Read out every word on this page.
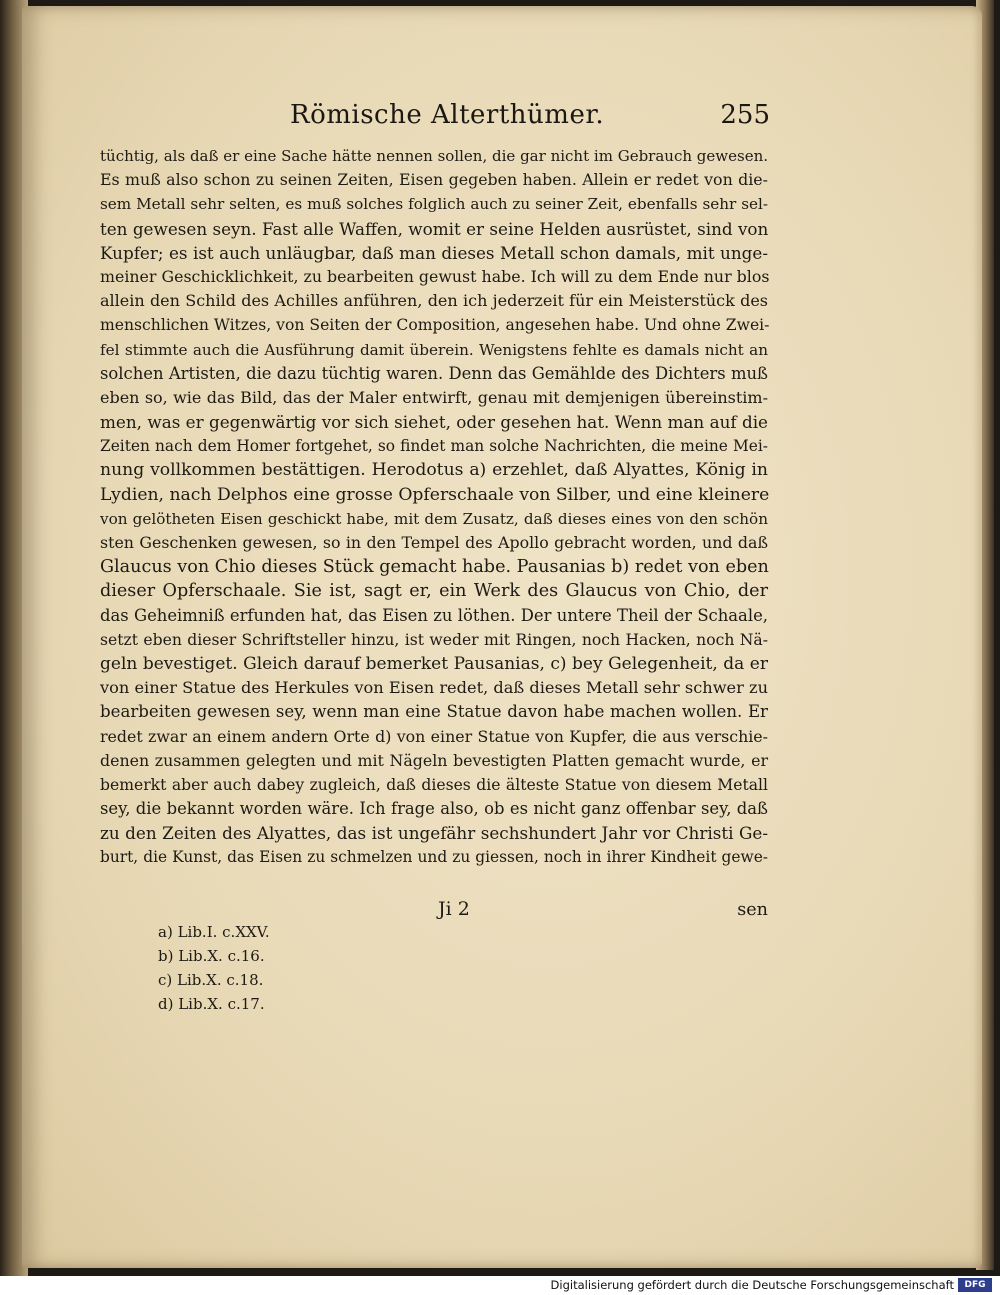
Römische Alterthümer.	255
tüchtig, als daß er eine Sache hätte nennen sollen, die gar nicht im Gebrauch gewesen.
Es muß also schon zu seinen Zeiten, Eisen gegeben haben. Allein er redet von die-
sem Metall sehr selten, es muß solches folglich auch zu seiner Zeit, ebenfalls sehr sel-
ten gewesen seyn. Fast alle Waffen, womit er seine Helden ausrüstet, sind von
Kupfer; es ist auch unläugbar, daß man dieses Metall schon damals, mit unge-
meiner Geschicklichkeit, zu bearbeiten gewust habe. Ich will zu dem Ende nur blos
allein den Schild des Achilles anführen, den ich jederzeit für ein Meisterstück des
menschlichen Witzes, von Seiten der Composition, angesehen habe. Und ohne Zwei-
fel stimmte auch die Ausführung damit überein. Wenigstens fehlte es damals nicht an
solchen Artisten, die dazu tüchtig waren. Denn das Gemählde des Dichters muß
eben so, wie das Bild, das der Maler entwirft, genau mit demjenigen übereinstim-
men, was er gegenwärtig vor sich siehet, oder gesehen hat. Wenn man auf die
Zeiten nach dem Homer fortgehet, so findet man solche Nachrichten, die meine Mei-
nung vollkommen bestättigen. Herodotus a) erzehlet, daß Alyattes, König in
Lydien, nach Delphos eine grosse Opferschaale von Silber, und eine kleinere
von gelötheten Eisen geschickt habe, mit dem Zusatz, daß dieses eines von den schön
sten Geschenken gewesen, so in den Tempel des Apollo gebracht worden, und daß
Glaucus von Chio dieses Stück gemacht habe. Pausanias b) redet von eben
dieser Opferschaale. Sie ist, sagt er, ein Werk des Glaucus von Chio, der
das Geheimniß erfunden hat, das Eisen zu löthen. Der untere Theil der Schaale,
setzt eben dieser Schriftsteller hinzu, ist weder mit Ringen, noch Hacken, noch Nä-
geln bevestiget. Gleich darauf bemerket Pausanias, c) bey Gelegenheit, da er
von einer Statue des Herkules von Eisen redet, daß dieses Metall sehr schwer zu
bearbeiten gewesen sey, wenn man eine Statue davon habe machen wollen. Er
redet zwar an einem andern Orte d) von einer Statue von Kupfer, die aus verschie-
denen zusammen gelegten und mit Nägeln bevestigten Platten gemacht wurde, er
bemerkt aber auch dabey zugleich, daß dieses die älteste Statue von diesem Metall
sey, die bekannt worden wäre. Ich frage also, ob es nicht ganz offenbar sey, daß
zu den Zeiten des Alyattes, das ist ungefähr sechshundert Jahr vor Christi Ge-
burt, die Kunst, das Eisen zu schmelzen und zu giessen, noch in ihrer Kindheit gewe-
Ji 2	sen
a) Lib.I. c.XXV.
b) Lib.X. c.16.
c) Lib.X. c.18.
d) Lib.X. c.17.
Digitalisierung gefördert durch die Deutsche Forschungsgemeinschaft	DFG
